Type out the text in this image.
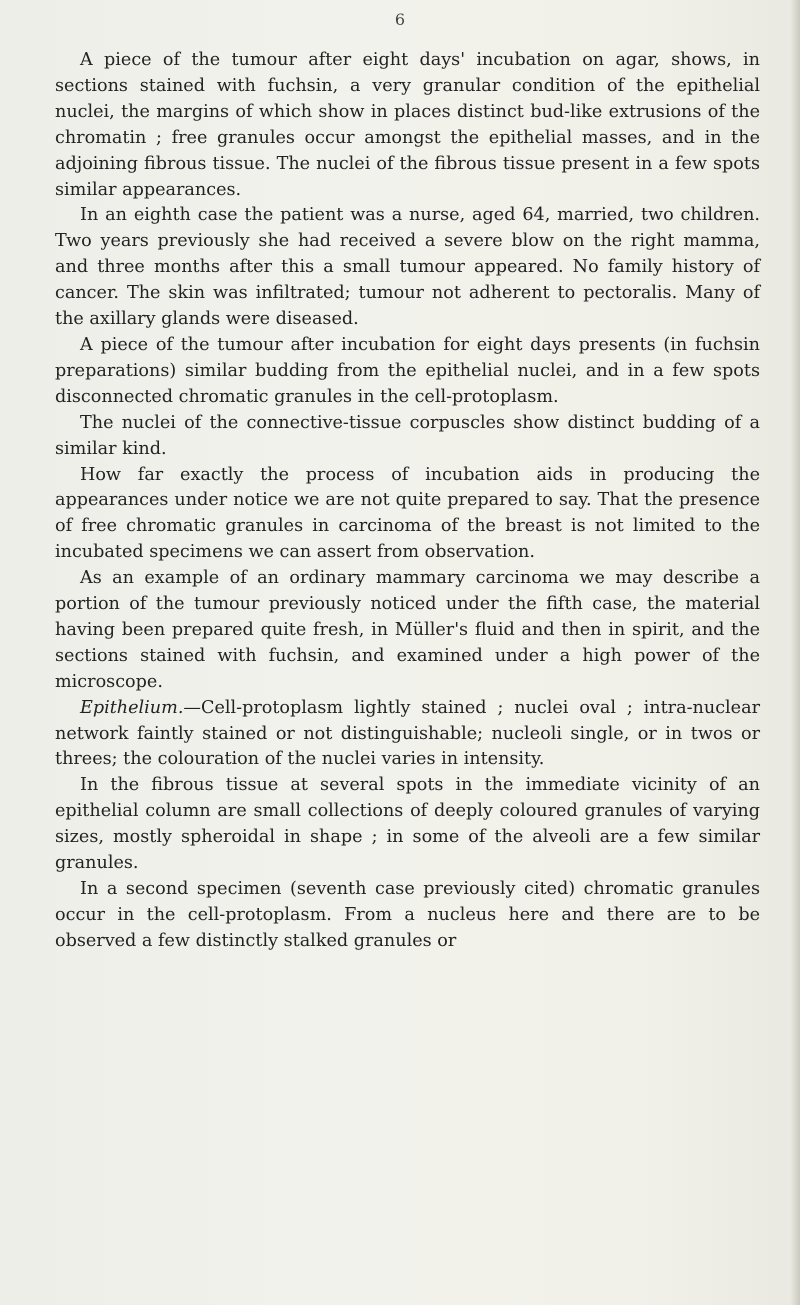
6

A piece of the tumour after eight days' incubation on agar, shows, in sections stained with fuchsin, a very granular condition of the epithelial nuclei, the margins of which show in places distinct bud-like extrusions of the chromatin ; free granules occur amongst the epithelial masses, and in the adjoining fibrous tissue. The nuclei of the fibrous tissue present in a few spots similar appearances.

In an eighth case the patient was a nurse, aged 64, married, two children. Two years previously she had received a severe blow on the right mamma, and three months after this a small tumour appeared. No family history of cancer. The skin was infiltrated; tumour not adherent to pectoralis. Many of the axillary glands were diseased.

A piece of the tumour after incubation for eight days presents (in fuchsin preparations) similar budding from the epithelial nuclei, and in a few spots disconnected chromatic granules in the cell-protoplasm.

The nuclei of the connective-tissue corpuscles show distinct budding of a similar kind.

How far exactly the process of incubation aids in producing the appearances under notice we are not quite prepared to say. That the presence of free chromatic granules in carcinoma of the breast is not limited to the incubated specimens we can assert from observation.

As an example of an ordinary mammary carcinoma we may describe a portion of the tumour previously noticed under the fifth case, the material having been prepared quite fresh, in Müller's fluid and then in spirit, and the sections stained with fuchsin, and examined under a high power of the microscope.

Epithelium.—Cell-protoplasm lightly stained ; nuclei oval ; intra-nuclear network faintly stained or not distinguishable; nucleoli single, or in twos or threes; the colouration of the nuclei varies in intensity.

In the fibrous tissue at several spots in the immediate vicinity of an epithelial column are small collections of deeply coloured granules of varying sizes, mostly spheroidal in shape ; in some of the alveoli are a few similar granules.

In a second specimen (seventh case previously cited) chromatic granules occur in the cell-protoplasm. From a nucleus here and there are to be observed a few distinctly stalked granules or
